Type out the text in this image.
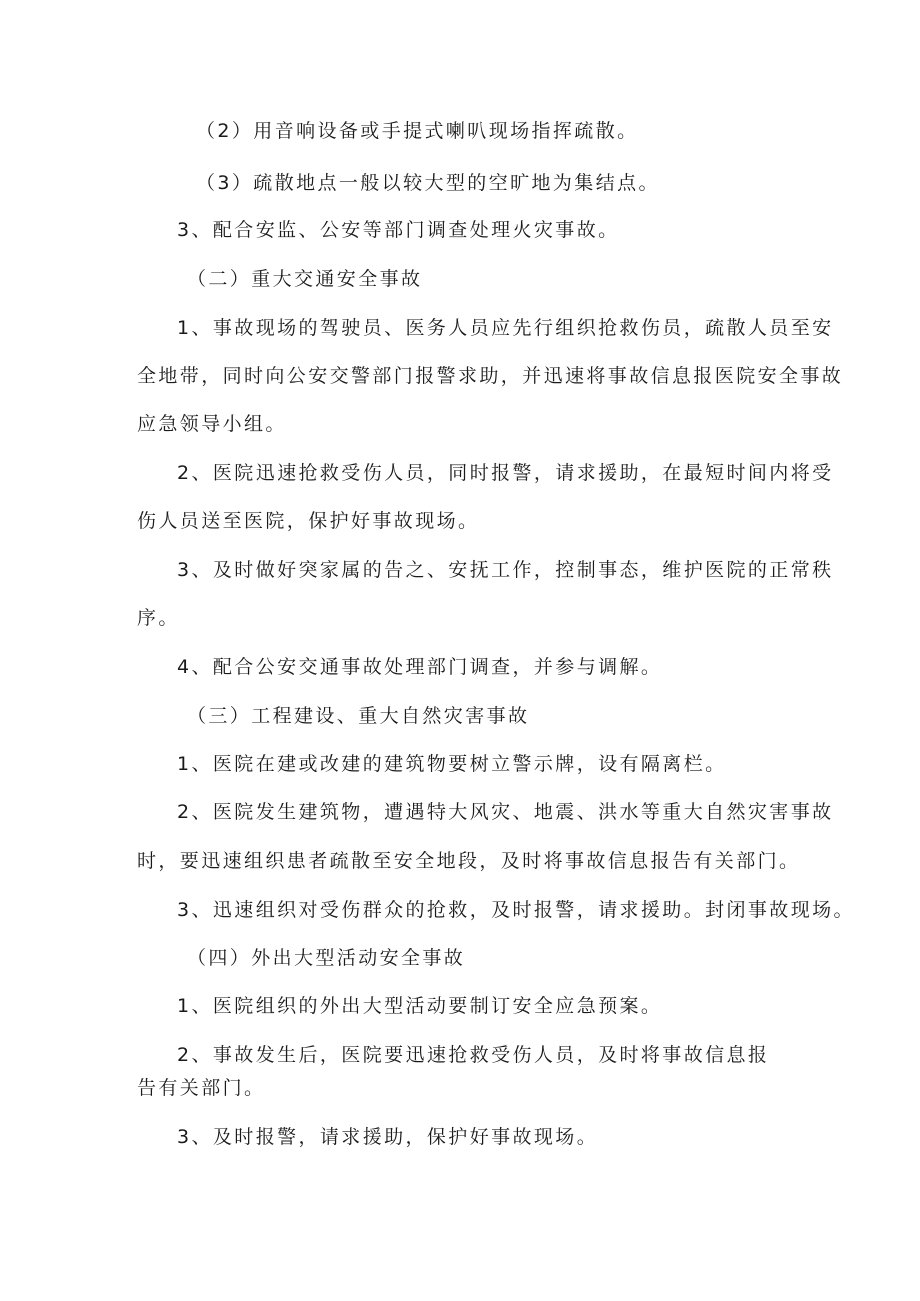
（2）用音响设备或手提式喇叭现场指挥疏散。
（3）疏散地点一般以较大型的空旷地为集结点。
3、配合安监、公安等部门调查处理火灾事故。
（二）重大交通安全事故
1、事故现场的驾驶员、医务人员应先行组织抢救伤员，疏散人员至安
全地带，同时向公安交警部门报警求助，并迅速将事故信息报医院安全事故
应急领导小组。
2、医院迅速抢救受伤人员，同时报警，请求援助，在最短时间内将受
伤人员送至医院，保护好事故现场。
3、及时做好突家属的告之、安抚工作，控制事态，维护医院的正常秩
序。
4、配合公安交通事故处理部门调查，并参与调解。
（三）工程建设、重大自然灾害事故
1、医院在建或改建的建筑物要树立警示牌，设有隔离栏。
2、医院发生建筑物，遭遇特大风灾、地震、洪水等重大自然灾害事故
时，要迅速组织患者疏散至安全地段，及时将事故信息报告有关部门。
3、迅速组织对受伤群众的抢救，及时报警，请求援助。封闭事故现场。
（四）外出大型活动安全事故
1、医院组织的外出大型活动要制订安全应急预案。
2、事故发生后，医院要迅速抢救受伤人员，及时将事故信息报
告有关部门。
3、及时报警，请求援助，保护好事故现场。
